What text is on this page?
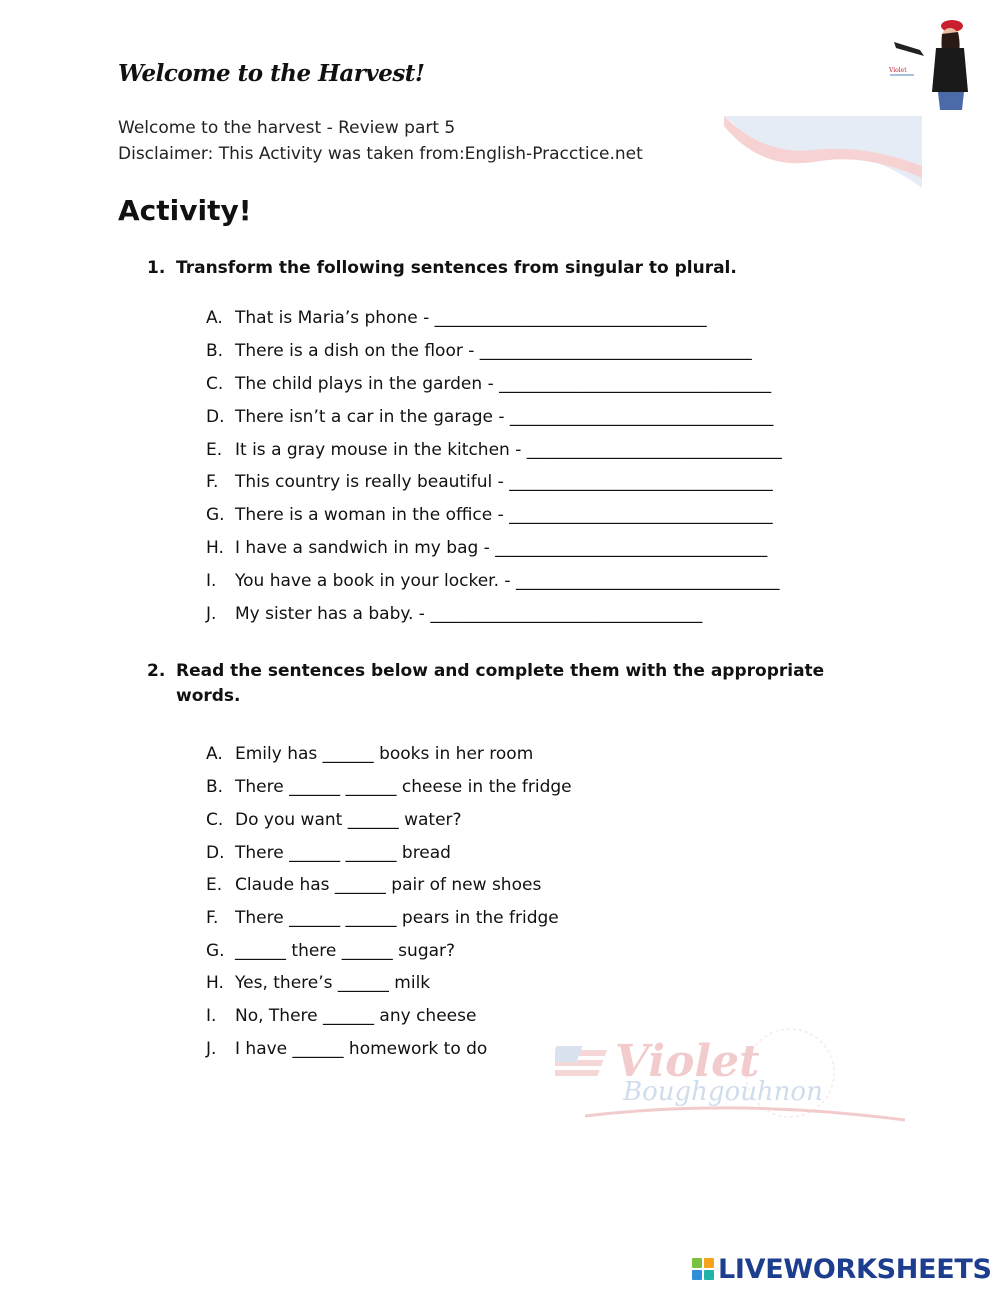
Welcome to the Harvest!
Welcome to the harvest - Review part 5
Disclaimer: This Activity was taken from:English-Pracctice.net
Violet
Activity!
1. Transform the following sentences from singular to plural.
A. That is Maria’s phone - ________________________________
B. There is a dish on the floor - ________________________________
C. The child plays in the garden - ________________________________
D. There isn’t a car in the garage - _______________________________
E. It is a gray mouse in the kitchen - ______________________________
F. This country is really beautiful - _______________________________
G. There is a woman in the office - _______________________________
H. I have a sandwich in my bag - ________________________________
I. You have a book in your locker. - _______________________________
J. My sister has a baby. - ________________________________
2. Read the sentences below and complete them with the appropriate
words.
A. Emily has ______ books in her room
B. There ______ ______ cheese in the fridge
C. Do you want ______ water?
D. There ______ ______ bread
E. Claude has ______ pair of new shoes
F. There ______ ______ pears in the fridge
G. ______ there ______ sugar?
H. Yes, there’s ______ milk
I. No, There ______ any cheese
J. I have ______ homework to do	Violet
Boughgouhnon
LIVEWORKSHEETS
